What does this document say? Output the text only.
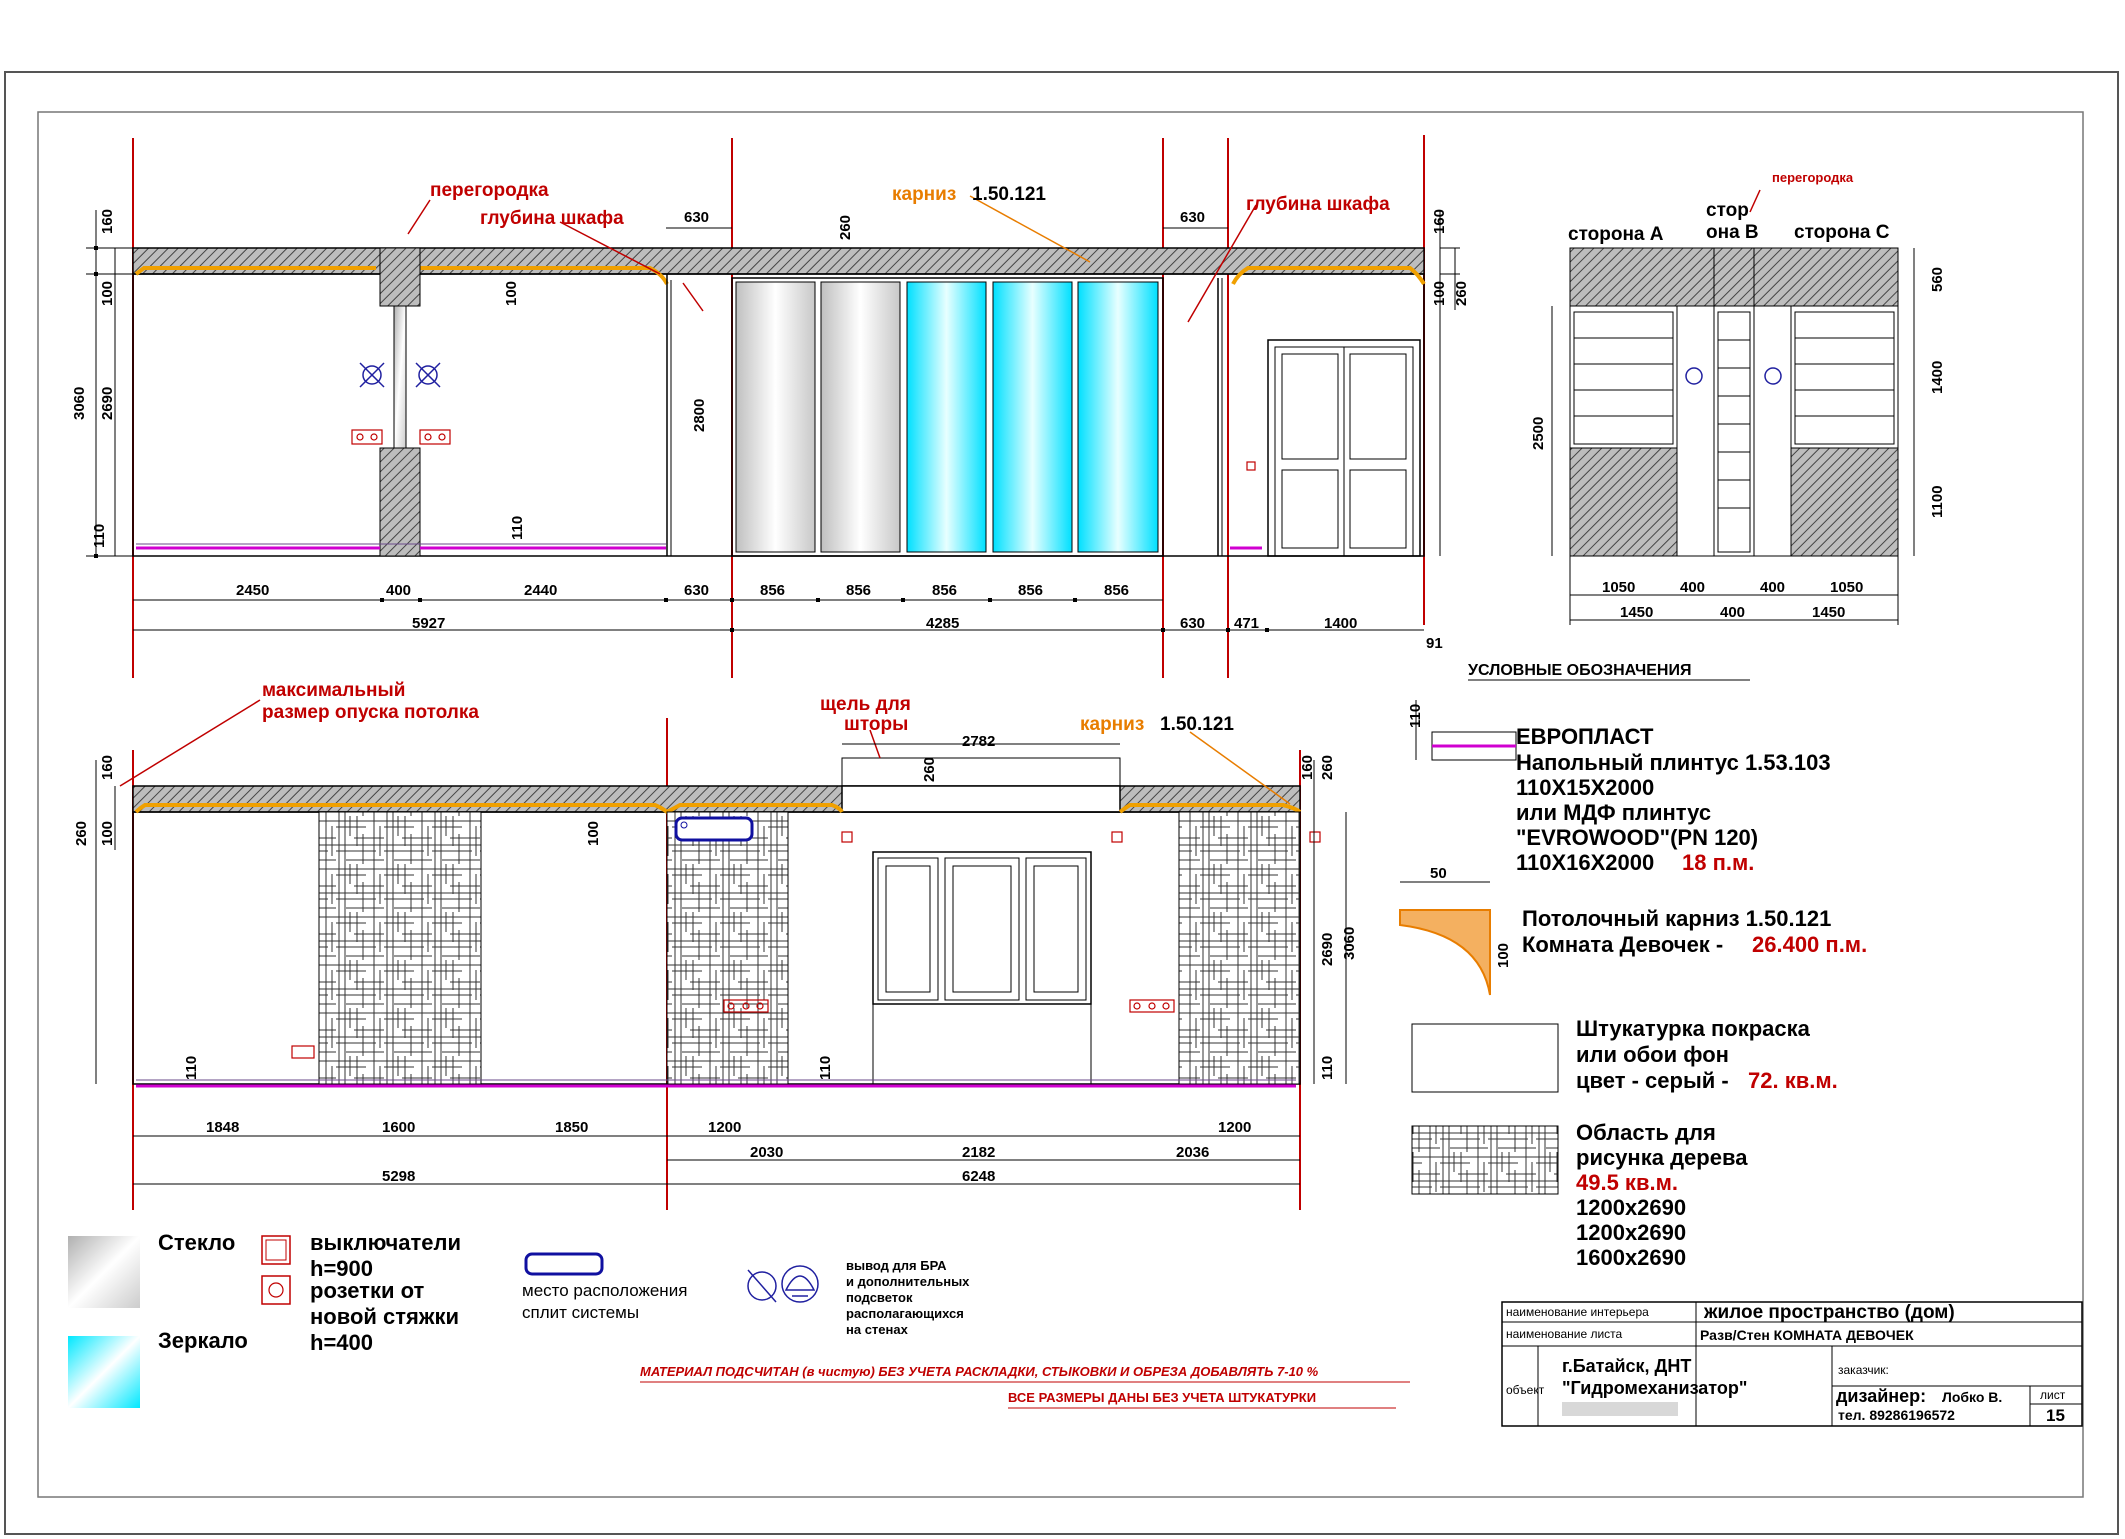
перегородка
глубина шкафа
карниз 1.50.121	глубина шкафа
160
100
3060 2690
110
100
110
2800
260
630	630	160
100 260
2450	400	2440	630	856	856	856	856	856
5927	4285	630 471	1400
91
сторона A
стор
она B сторона C
перегородка
560
1400
1100
2500
1050	400	400	1050
1450	400	1450
УСЛОВНЫЕ ОБОЗНАЧЕНИЯ
максимальный
размер опуска потолка	щель для
шторы	карниз 1.50.121
160
260 100
2782
260
100
110	110
160 260
2690 3060
110
1848	1600	1850	1200	1200
2030	2182	2036
5298	6248
110
ЕВРОПЛАСТ
Напольный плинтус 1.53.103
110Х15Х2000
или МДФ плинтус
"EVROWOOD"(PN 120)
110Х16Х2000 18 п.м.
50
100
Потолочный карниз 1.50.121
Комната Девочек - 26.400 п.м.
Штукатурка покраска
или обои фон
цвет - серый - 72. кв.м.
Область для
рисунка дерева
49.5 кв.м.
1200х2690
1200х2690
1600х2690
Стекло
Зеркало
выключатели
h=900
розетки от
новой стяжки
h=400
место расположения
сплит системы
вывод для БРА
и дополнительных
подсветок
располагающихся
на стенах
МАТЕРИАЛ ПОДСЧИТАН (в чистую) БЕЗ УЧЕТА РАСКЛАДКИ, СТЫКОВКИ И ОБРЕЗА ДОБАВЛЯТЬ 7-10 %
ВСЕ РАЗМЕРЫ ДАНЫ БЕЗ УЧЕТА ШТУКАТУРКИ
наименование интерьера	жилое пространство (дом)
наименование листа	Разв/Стен КОМНАТА ДЕВОЧЕК
объект
г.Батайск, ДНТ
"Гидромеханизатор"
заказчик:
дизайнер: Лобко В.
тел. 89286196572
лист
15
